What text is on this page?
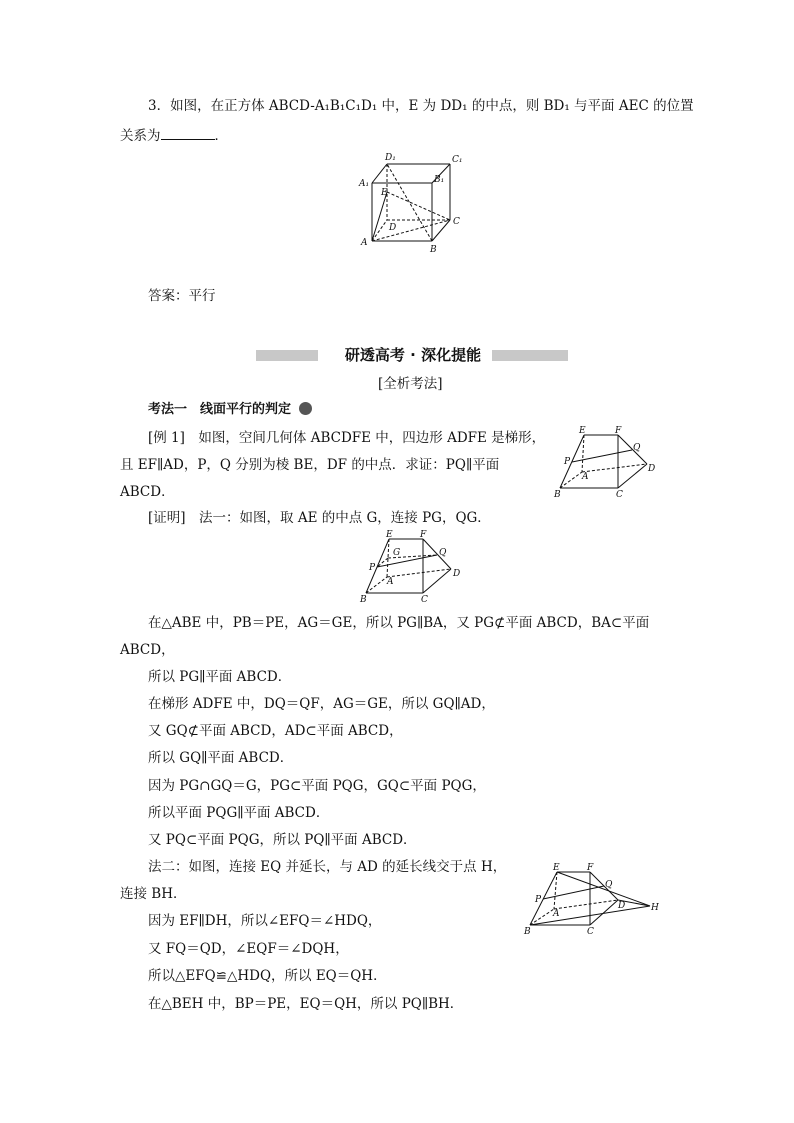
3．如图，在正方体 ABCD-A₁B₁C₁D₁ 中，E 为 DD₁ 的中点，则 BD₁ 与平面 AEC 的位置
关系为	．
D₁	C₁
A₁	B₁
E
D
C
A
B
答案：平行
研透高考 · 深化提能
[全析考法]
考法一　线面平行的判定
[例 1]　如图，空间几何体 ABCDFE 中，四边形 ADFE 是梯形，
且 EF∥AD，P，Q 分别为棱 BE，DF 的中点．求证：PQ∥平面
ABCD．
E	F
Q
P
A
D
B	C
[证明]　法一：如图，取 AE 的中点 G，连接 PG，QG．
E	F
G	Q
P
A
D
B	C
在△ABE 中，PB＝PE，AG＝GE，所以 PG∥BA，又 PG⊄平面 ABCD，BA⊂平面
ABCD，
所以 PG∥平面 ABCD．
在梯形 ADFE 中，DQ＝QF，AG＝GE，所以 GQ∥AD，
又 GQ⊄平面 ABCD，AD⊂平面 ABCD，
所以 GQ∥平面 ABCD．
因为 PG∩GQ＝G，PG⊂平面 PQG，GQ⊂平面 PQG，
所以平面 PQG∥平面 ABCD．
又 PQ⊂平面 PQG，所以 PQ∥平面 ABCD．
法二：如图，连接 EQ 并延长，与 AD 的延长线交于点 H，
连接 BH．
因为 EF∥DH，所以∠EFQ＝∠HDQ，
又 FQ＝QD，∠EQF＝∠DQH，
所以△EFQ≌△HDQ，所以 EQ＝QH．
在△BEH 中，BP＝PE，EQ＝QH，所以 PQ∥BH．
E	F
Q
P
A
D	H
B	C
